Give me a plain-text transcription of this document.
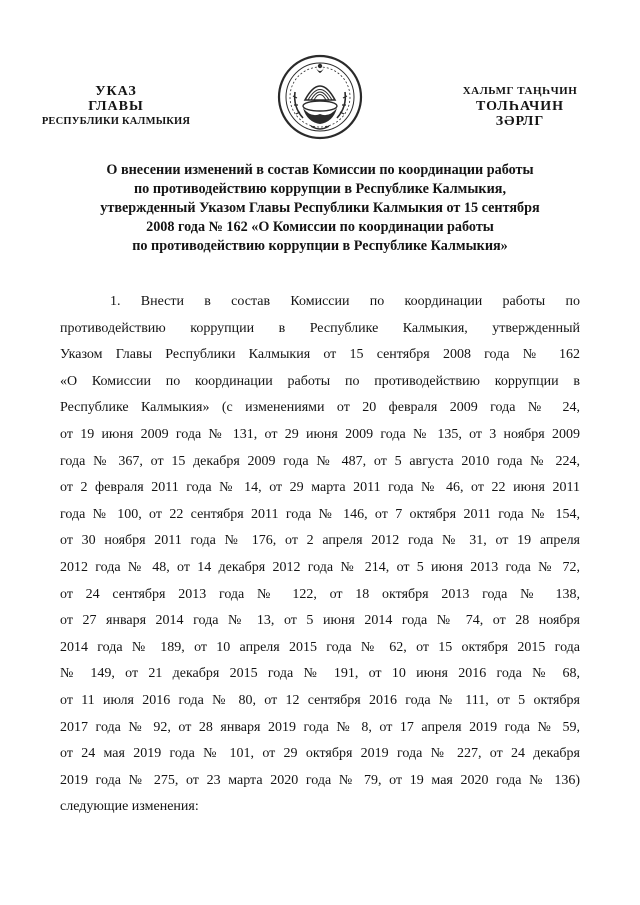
УКАЗ
ГЛАВЫ
РЕСПУБЛИКИ КАЛМЫКИЯ
ХАЛЬМГ ТАҢҺЧИН
ТОЛҺАЧИН
ЗӘРЛГ
О внесении изменений в состав Комиссии по координации работы
по противодействию коррупции в Республике Калмыкия,
утвержденный Указом Главы Республики Калмыкия от 15 сентября
2008 года № 162 «О Комиссии по координации работы
по противодействию коррупции в Республике Калмыкия»
1. Внести в состав Комиссии по координации работы по
противодействию коррупции в Республике Калмыкия, утвержденный
Указом Главы Республики Калмыкия от 15 сентября 2008 года № 162
«О Комиссии по координации работы по противодействию коррупции в
Республике Калмыкия» (с изменениями от 20 февраля 2009 года № 24,
от 19 июня 2009 года № 131, от 29 июня 2009 года № 135, от 3 ноября 2009
года № 367, от 15 декабря 2009 года № 487, от 5 августа 2010 года № 224,
от 2 февраля 2011 года № 14, от 29 марта 2011 года № 46, от 22 июня 2011
года № 100, от 22 сентября 2011 года № 146, от 7 октября 2011 года № 154,
от 30 ноября 2011 года № 176, от 2 апреля 2012 года № 31, от 19 апреля
2012 года № 48, от 14 декабря 2012 года № 214, от 5 июня 2013 года № 72,
от 24 сентября 2013 года № 122, от 18 октября 2013 года № 138,
от 27 января 2014 года № 13, от 5 июня 2014 года № 74, от 28 ноября
2014 года № 189, от 10 апреля 2015 года № 62, от 15 октября 2015 года
№ 149, от 21 декабря 2015 года № 191, от 10 июня 2016 года № 68,
от 11 июля 2016 года № 80, от 12 сентября 2016 года № 111, от 5 октября
2017 года № 92, от 28 января 2019 года № 8, от 17 апреля 2019 года № 59,
от 24 мая 2019 года № 101, от 29 октября 2019 года № 227, от 24 декабря
2019 года № 275, от 23 марта 2020 года № 79, от 19 мая 2020 года № 136)
следующие изменения:
